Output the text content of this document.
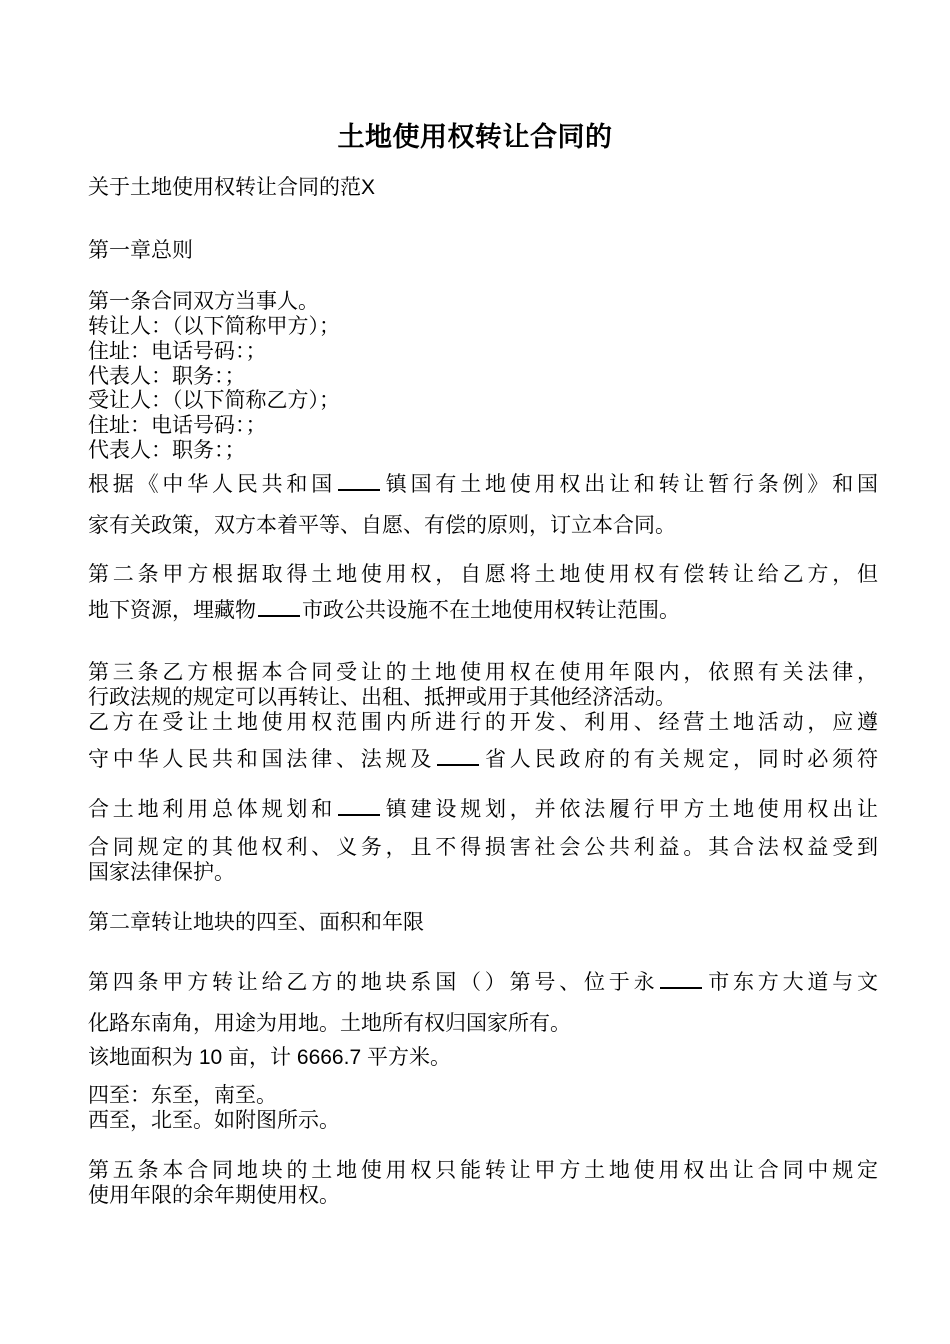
土地使用权转让合同的
关于土地使用权转让合同的范X
第一章总则
第一条合同双方当事人。
转让人：（以下简称甲方）；
住址：电话号码：；
代表人：职务：；
受让人：（以下简称乙方）；
住址：电话号码：；
代表人：职务：；
根据《中华人民共和国 镇国有土地使用权出让和转让暂行条例》和国
家有关政策，双方本着平等、自愿、有偿的原则，订立本合同。
第二条甲方根据取得土地使用权，自愿将土地使用权有偿转让给乙方，但
地下资源，埋藏物 市政公共设施不在土地使用权转让范围。
第三条乙方根据本合同受让的土地使用权在使用年限内，依照有关法律，
行政法规的规定可以再转让、出租、抵押或用于其他经济活动。
乙方在受让土地使用权范围内所进行的开发、利用、经营土地活动，应遵
守中华人民共和国法律、法规及 省人民政府的有关规定，同时必须符
合土地利用总体规划和 镇建设规划，并依法履行甲方土地使用权出让
合同规定的其他权利、义务，且不得损害社会公共利益。其合法权益受到
国家法律保护。
第二章转让地块的四至、面积和年限
第四条甲方转让给乙方的地块系国（）第号、位于永 市东方大道与文
化路东南角，用途为用地。土地所有权归国家所有。
该地面积为 10 亩，计 6666.7 平方米。
四至：东至，南至。
西至，北至。如附图所示。
第五条本合同地块的土地使用权只能转让甲方土地使用权出让合同中规定
使用年限的余年期使用权。
